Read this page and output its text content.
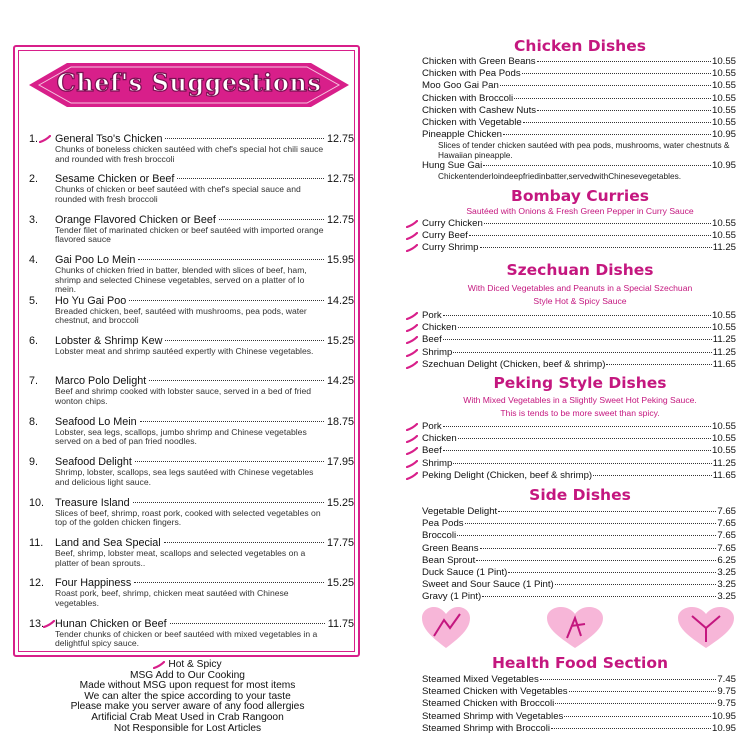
Chef's Suggestions
1.	General Tso's Chicken	12.75
Chunks of boneless chicken sautéed with chef's special hot chili sauce and rounded with fresh broccoli
2.	Sesame Chicken or Beef	12.75
Chunks of chicken or beef sautéed with chef's special sauce and rounded with fresh broccoli
3.	Orange Flavored Chicken or Beef	12.75
Tender filet of marinated chicken or beef sautéed with imported orange flavored sauce
4.	Gai Poo Lo Mein	15.95
Chunks of chicken fried in batter, blended with slices of beef, ham, shrimp and selected Chinese vegetables, served on a platter of lo mein.
5.	Ho Yu Gai Poo	14.25
Breaded chicken, beef, sautéed with mushrooms, pea pods, water chestnut, and broccoli
6.	Lobster & Shrimp Kew	15.25
Lobster meat and shrimp sautéed expertly with Chinese vegetables.
7.	Marco Polo Delight	14.25
Beef and shrimp cooked with lobster sauce, served in a bed of fried wonton chips.
8.	Seafood Lo Mein	18.75
Lobster, sea legs, scallops, jumbo shrimp and Chinese vegetables served on a bed of pan fried noodles.
9.	Seafood Delight	17.95
Shrimp, lobster, scallops, sea legs sautéed with Chinese vegetables and delicious light sauce.
10.	Treasure Island	15.25
Slices of beef, shrimp, roast pork, cooked with selected vegetables on top of the golden chicken fingers.
11.	Land and Sea Special	17.75
Beef, shrimp, lobster meat, scallops and selected vegetables on a platter of bean sprouts..
12.	Four Happiness	15.25
Roast pork, beef, shrimp, chicken meat sautéed with Chinese vegetables.
13.	Hunan Chicken or Beef	11.75
Tender chunks of chicken or beef sautéed with mixed vegetables in a delightful spicy sauce.
Hot & Spicy
MSG Add to Our Cooking
Made without MSG upon request for most items
We can alter the spice according to your taste
Please make you server aware of any food allergies
Artificial Crab Meat Used in Crab Rangoon
Not Responsible for Lost Articles
Chicken Dishes
Chicken with Green Beans	10.55
Chicken with Pea Pods	10.55
Moo Goo Gai Pan	10.55
Chicken with Broccoli	10.55
Chicken with Cashew Nuts	10.55
Chicken with Vegetable	10.55
Pineapple Chicken	10.95
Slices of tender chicken sautéed with pea pods, mushrooms, water chestnuts & Hawaiian pineapple.
Hung Sue Gai	10.95
Chickentenderloindeepfriedinbatter,servedwithChinesevegetables.
Bombay Curries
Sautéed with Onions & Fresh Green Pepper in Curry Sauce
Curry Chicken	10.55
Curry Beef	10.55
Curry Shrimp	11.25
Szechuan Dishes
With Diced Vegetables and Peanuts in a Special Szechuan
Style Hot & Spicy Sauce
Pork	10.55
Chicken	10.55
Beef	11.25
Shrimp	11.25
Szechuan Delight (Chicken, beef & shrimp)	11.65
Peking Style Dishes
With Mixed Vegetables in a Slightly Sweet Hot Peking Sauce.
This is tends to be more sweet than spicy.
Pork	10.55
Chicken	10.55
Beef	10.55
Shrimp	11.25
Peking Delight (Chicken, beef & shrimp)	11.65
Side Dishes
Vegetable Delight	7.65
Pea Pods	7.65
Broccoli	7.65
Green Beans	7.65
Bean Sprout	6.25
Duck Sauce (1 Pint)	3.25
Sweet and Sour Sauce (1 Pint)	3.25
Gravy (1 Pint)	3.25
Health Food Section
Steamed Mixed Vegetables	7.45
Steamed Chicken with Vegetables	9.75
Steamed Chicken with Broccoli	9.75
Steamed Shrimp with Vegetables	10.95
Steamed Shrimp with Broccoli	10.95
